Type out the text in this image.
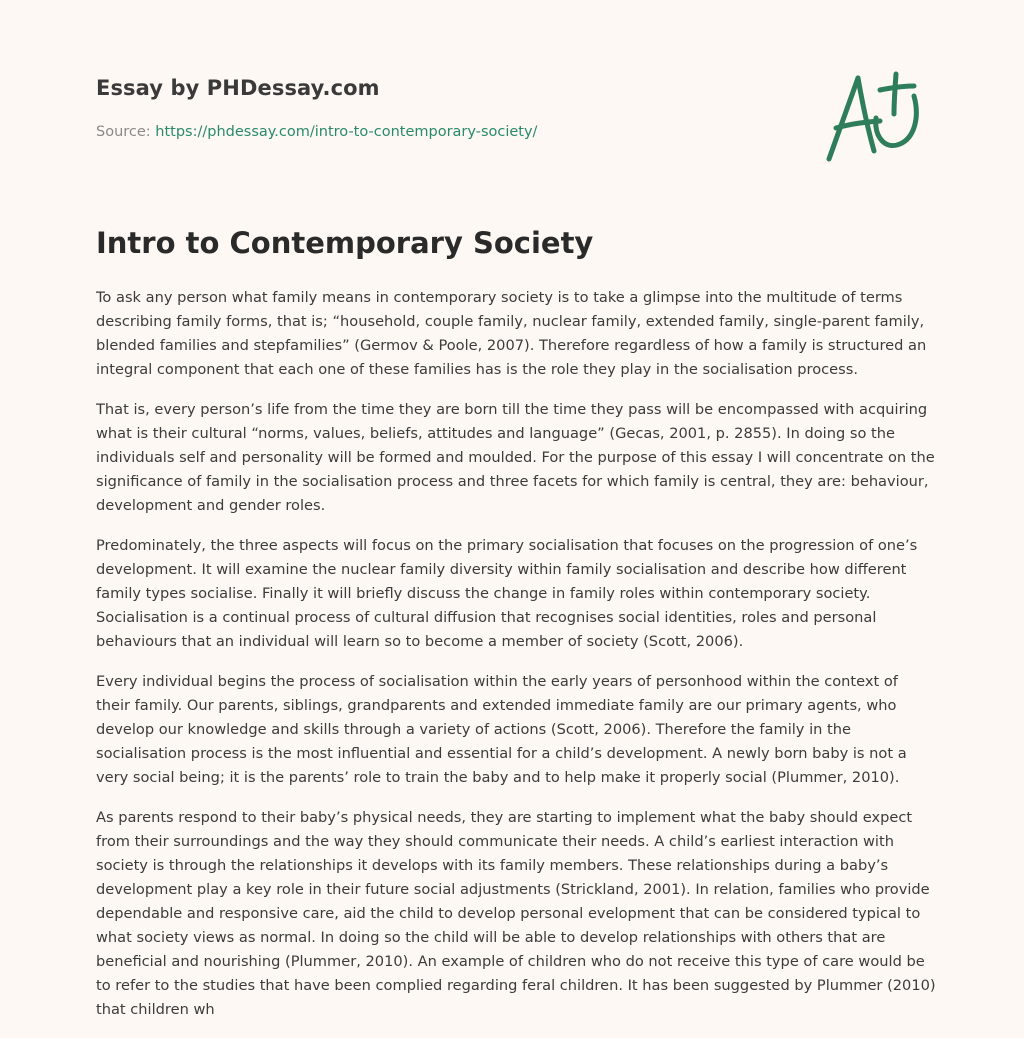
Essay by PHDessay.com
Source: https://phdessay.com/intro-to-contemporary-society/
Intro to Contemporary Society

To ask any person what family means in contemporary society is to take a glimpse into the multitude of terms describing family forms, that is; “household, couple family, nuclear family, extended family, single-parent family, blended families and stepfamilies” (Germov & Poole, 2007). Therefore regardless of how a family is structured an integral component that each one of these families has is the role they play in the socialisation process.

That is, every person’s life from the time they are born till the time they pass will be encompassed with acquiring what is their cultural “norms, values, beliefs, attitudes and language” (Gecas, 2001, p. 2855). In doing so the individuals self and personality will be formed and moulded. For the purpose of this essay I will concentrate on the significance of family in the socialisation process and three facets for which family is central, they are: behaviour, development and gender roles.

Predominately, the three aspects will focus on the primary socialisation that focuses on the progression of one’s development. It will examine the nuclear family diversity within family socialisation and describe how different family types socialise. Finally it will briefly discuss the change in family roles within contemporary society. Socialisation is a continual process of cultural diffusion that recognises social identities, roles and personal behaviours that an individual will learn so to become a member of society (Scott, 2006).

Every individual begins the process of socialisation within the early years of personhood within the context of their family. Our parents, siblings, grandparents and extended immediate family are our primary agents, who develop our knowledge and skills through a variety of actions (Scott, 2006). Therefore the family in the socialisation process is the most influential and essential for a child’s development. A newly born baby is not a very social being; it is the parents’ role to train the baby and to help make it properly social (Plummer, 2010).

As parents respond to their baby’s physical needs, they are starting to implement what the baby should expect from their surroundings and the way they should communicate their needs. A child’s earliest interaction with society is through the relationships it develops with its family members. These relationships during a baby’s development play a key role in their future social adjustments (Strickland, 2001). In relation, families who provide dependable and responsive care, aid the child to develop personal evelopment that can be considered typical to what society views as normal. In doing so the child will be able to develop relationships with others that are beneficial and nourishing (Plummer, 2010). An example of children who do not receive this type of care would be to refer to the studies that have been complied regarding feral children. It has been suggested by Plummer (2010) that children wh
